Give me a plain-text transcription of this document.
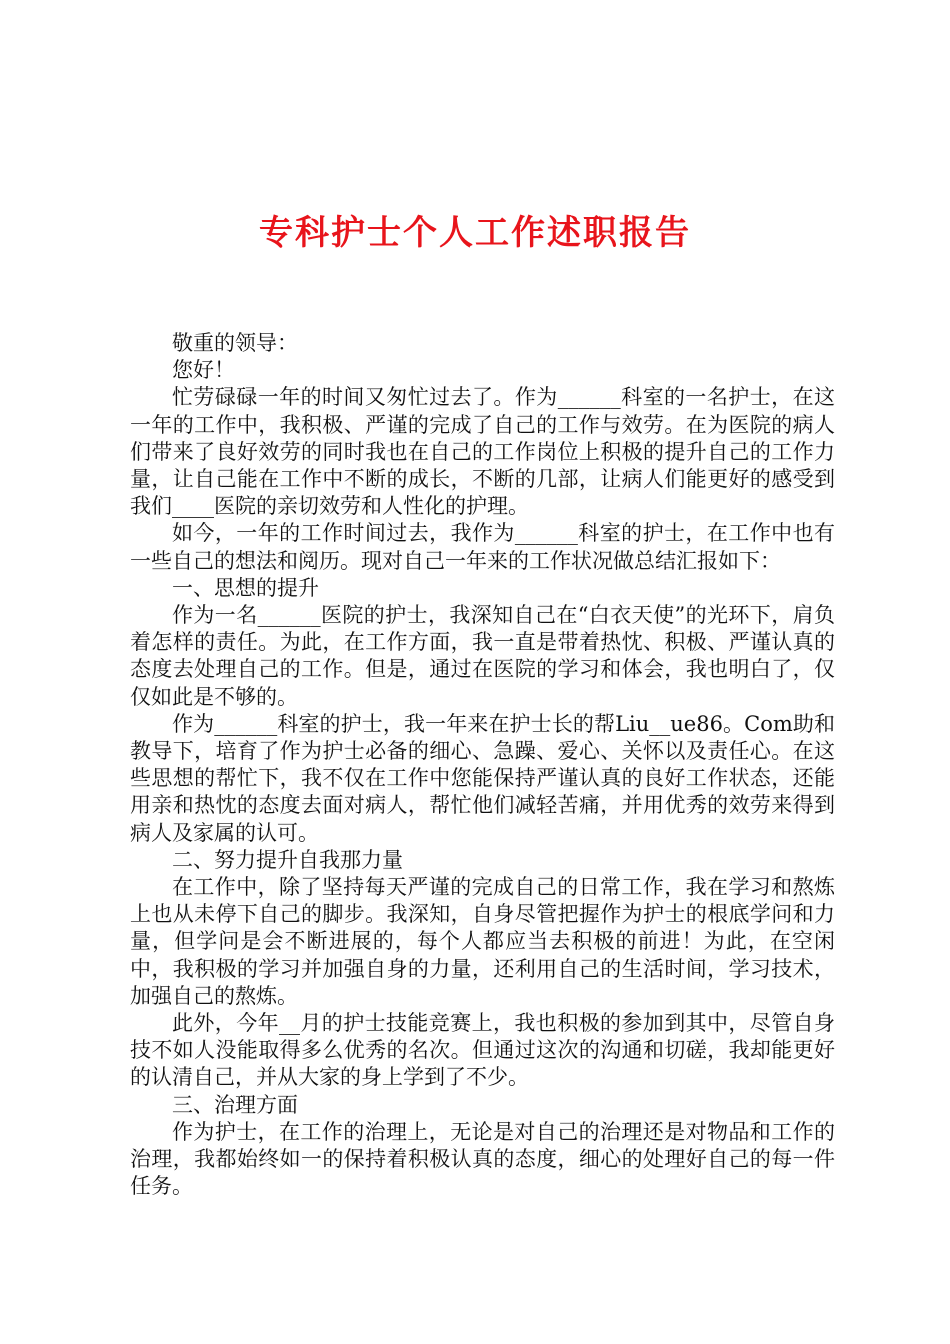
专科护士个人工作述职报告

敬重的领导：

您好！

忙劳碌碌一年的时间又匆忙过去了。作为______科室的一名护士，在这一年的工作中，我积极、严谨的完成了自己的工作与效劳。在为医院的病人们带来了良好效劳的同时我也在自己的工作岗位上积极的提升自己的工作力量，让自己能在工作中不断的成长，不断的几部，让病人们能更好的感受到我们____医院的亲切效劳和人性化的护理。

如今，一年的工作时间过去，我作为______科室的护士，在工作中也有一些自己的想法和阅历。现对自己一年来的工作状况做总结汇报如下：

一、思想的提升

作为一名______医院的护士，我深知自己在“白衣天使”的光环下，肩负着怎样的责任。为此，在工作方面，我一直是带着热忱、积极、严谨认真的态度去处理自己的工作。但是，通过在医院的学习和体会，我也明白了，仅仅如此是不够的。

作为______科室的护士，我一年来在护士长的帮Liu__ue86。Com助和教导下，培育了作为护士必备的细心、急躁、爱心、关怀以及责任心。在这些思想的帮忙下，我不仅在工作中您能保持严谨认真的良好工作状态，还能用亲和热忱的态度去面对病人，帮忙他们减轻苦痛，并用优秀的效劳来得到病人及家属的认可。

二、努力提升自我那力量

在工作中，除了坚持每天严谨的完成自己的日常工作，我在学习和熬炼上也从未停下自己的脚步。我深知，自身尽管把握作为护士的根底学问和力量，但学问是会不断进展的，每个人都应当去积极的前进！为此，在空闲中，我积极的学习并加强自身的力量，还利用自己的生活时间，学习技术，加强自己的熬炼。

此外，今年__月的护士技能竞赛上，我也积极的参加到其中，尽管自身技不如人没能取得多么优秀的名次。但通过这次的沟通和切磋，我却能更好的认清自己，并从大家的身上学到了不少。

三、治理方面

作为护士，在工作的治理上，无论是对自己的治理还是对物品和工作的治理，我都始终如一的保持着积极认真的态度，细心的处理好自己的每一件任务。
